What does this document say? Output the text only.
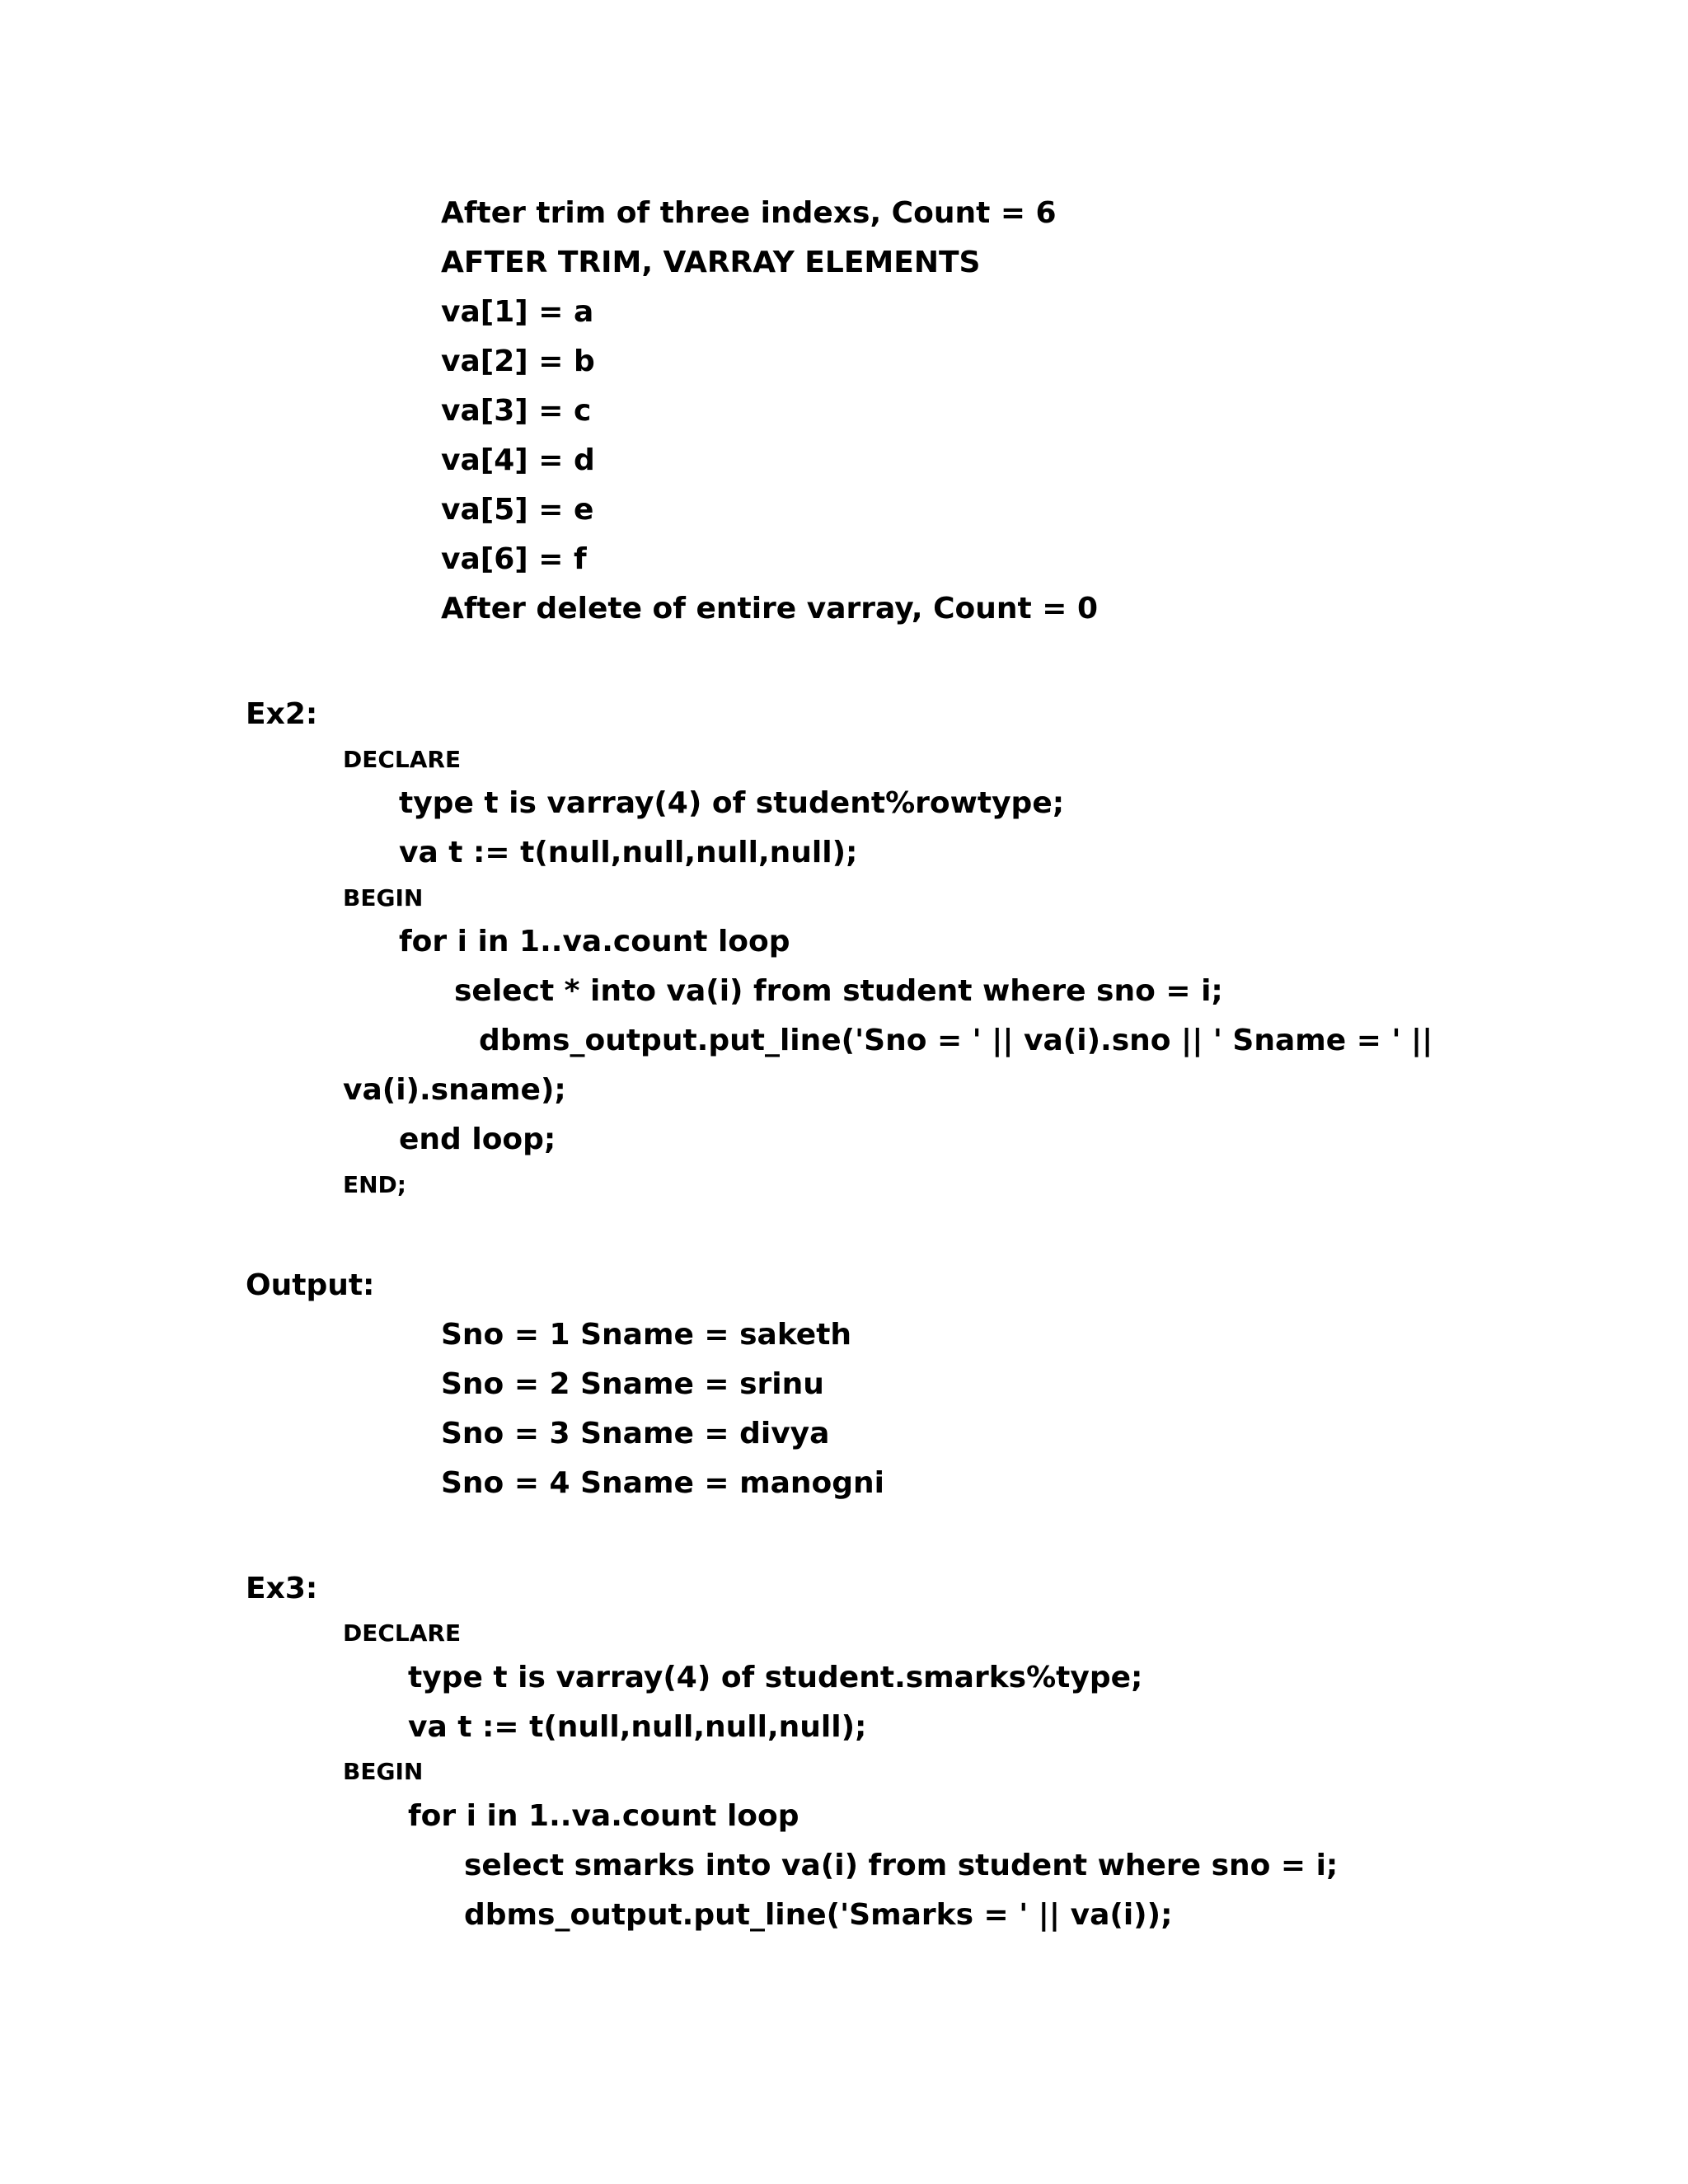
After trim of three indexs, Count = 6
AFTER TRIM, VARRAY ELEMENTS
va[1] = a
va[2] = b
va[3] = c
va[4] = d
va[5] = e
va[6] = f
After delete of entire varray, Count = 0
Ex2:
DECLARE
type t is varray(4) of student%rowtype;
va t := t(null,null,null,null);
BEGIN
for i in 1..va.count loop
select * into va(i) from student where sno = i;
dbms_output.put_line('Sno = ' || va(i).sno || ' Sname = ' ||
va(i).sname);
end loop;
END;
Output:
Sno = 1 Sname = saketh
Sno = 2 Sname = srinu
Sno = 3 Sname = divya
Sno = 4 Sname = manogni
Ex3:
DECLARE
type t is varray(4) of student.smarks%type;
va t := t(null,null,null,null);
BEGIN
for i in 1..va.count loop
select smarks into va(i) from student where sno = i;
dbms_output.put_line('Smarks = ' || va(i));
